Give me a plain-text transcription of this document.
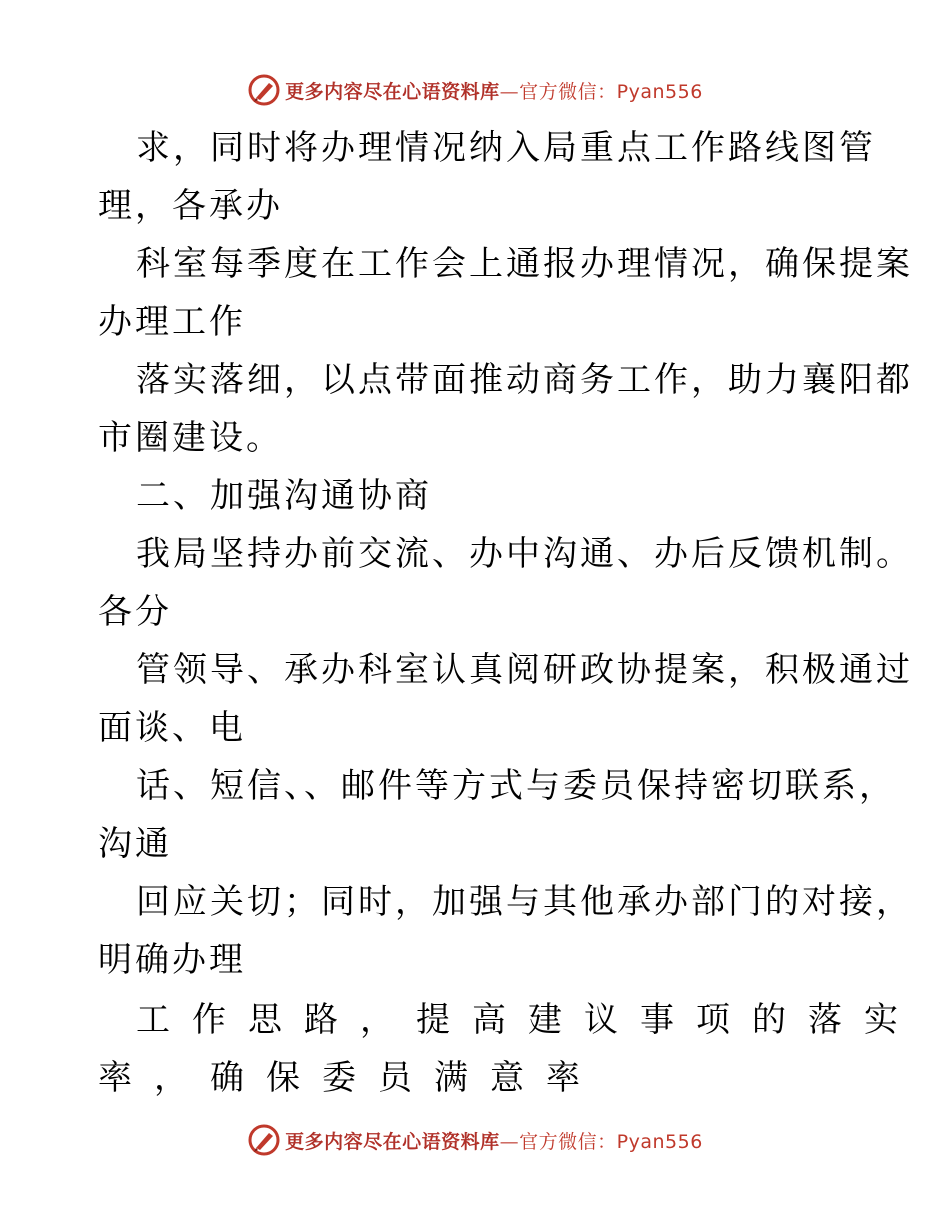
更多内容尽在心语资料库—官方微信：Pyan556
求，同时将办理情况纳入局重点工作路线图管
理，各承办
科室每季度在工作会上通报办理情况，确保提案
办理工作
落实落细，以点带面推动商务工作，助力襄阳都
市圈建设。
二、加强沟通协商
我局坚持办前交流、办中沟通、办后反馈机制。
各分
管领导、承办科室认真阅研政协提案，积极通过
面谈、电
话、短信、、邮件等方式与委员保持密切联系，
沟通
回应关切；同时，加强与其他承办部门的对接，
明确办理
工作思路，提高建议事项的落实
率，确保委员满意率
更多内容尽在心语资料库—官方微信：Pyan556
